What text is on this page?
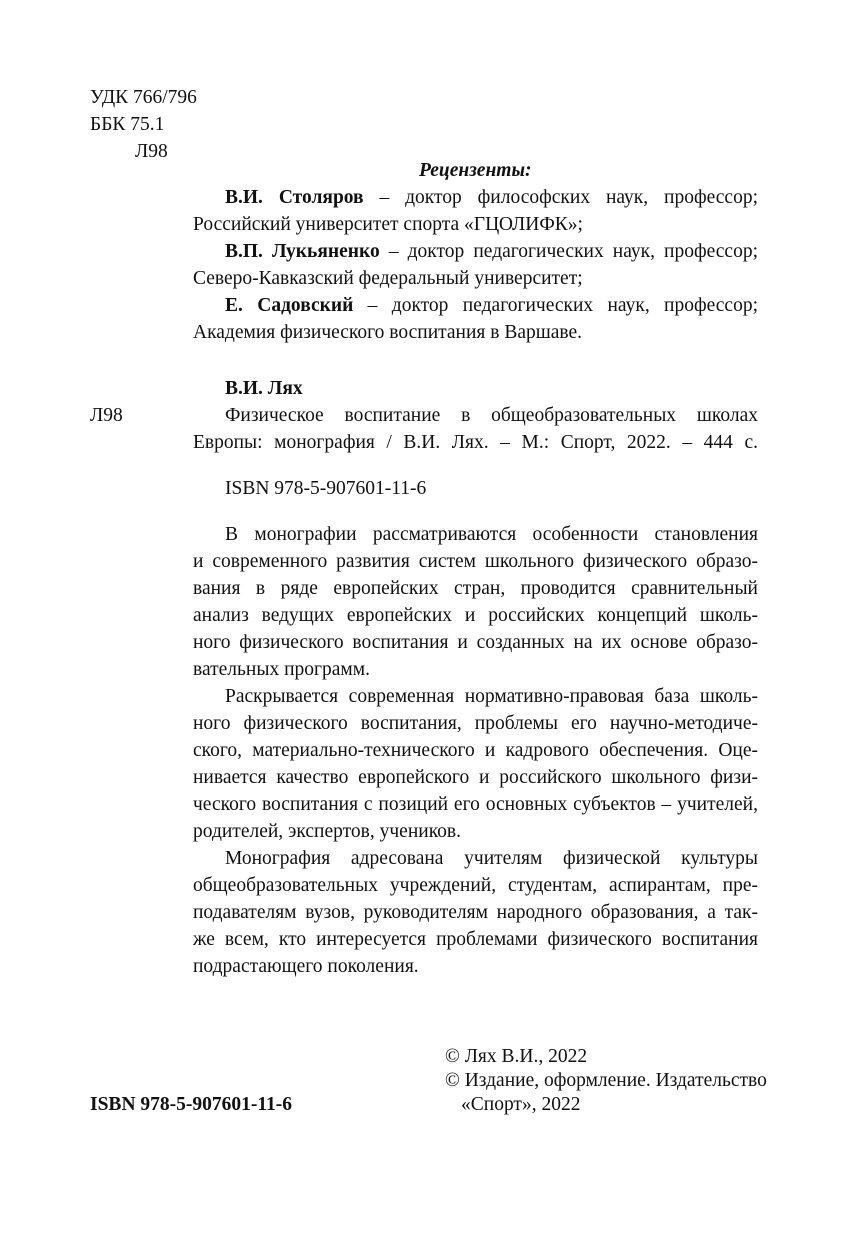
УДК 766/796
ББК 75.1
Л98
Рецензенты:
В.И. Столяров – доктор философских наук, профессор;
Российский университет спорта «ГЦОЛИФК»;
В.П. Лукьяненко – доктор педагогических наук, профессор;
Северо-Кавказский федеральный университет;
Е. Садовский – доктор педагогических наук, профессор;
Академия физического воспитания в Варшаве.
В.И. Лях
Л98	Физическое воспитание в общеобразовательных школах
Европы: монография / В.И. Лях. – М.: Спорт, 2022. – 444 с.
ISBN 978-5-907601-11-6
В монографии рассматриваются особенности становления
и современного развития систем школьного физического образо-
вания в ряде европейских стран, проводится сравнительный
анализ ведущих европейских и российских концепций школь-
ного физического воспитания и созданных на их основе образо-
вательных программ.
Раскрывается современная нормативно-правовая база школь-
ного физического воспитания, проблемы его научно-методиче-
ского, материально-технического и кадрового обеспечения. Оце-
нивается качество европейского и российского школьного физи-
ческого воспитания с позиций его основных субъектов – учителей,
родителей, экспертов, учеников.
Монография адресована учителям физической культуры
общеобразовательных учреждений, студентам, аспирантам, пре-
подавателям вузов, руководителям народного образования, а так-
же всем, кто интересуется проблемами физического воспитания
подрастающего поколения.
ISBN 978-5-907601-11-6
© Лях В.И., 2022
© Издание, оформление. Издательство
«Спорт», 2022
